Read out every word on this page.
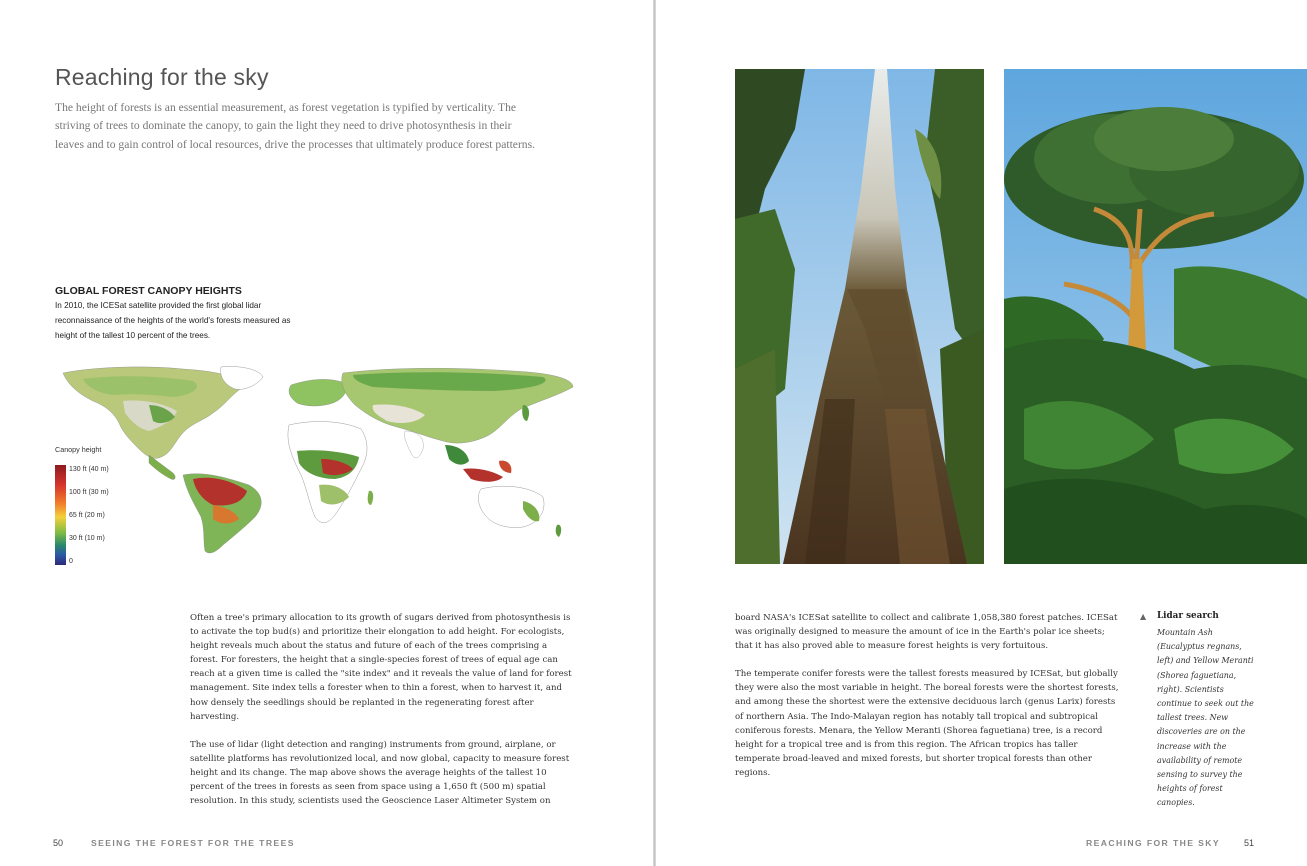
Reaching for the sky

The height of forests is an essential measurement, as forest vegetation is typified by verticality. The striving of trees to dominate the canopy, to gain the light they need to drive photosynthesis in their leaves and to gain control of local resources, drive the processes that ultimately produce forest patterns.

GLOBAL FOREST CANOPY HEIGHTS

In 2010, the ICESat satellite provided the first global lidar reconnaissance of the heights of the world's forests measured as height of the tallest 10 percent of the trees.

Canopy height
130 ft (40 m)
100 ft (30 m)
65 ft (20 m)
30 ft (10 m)
0

Often a tree's primary allocation to its growth of sugars derived from photosynthesis is to activate the top bud(s) and prioritize their elongation to add height. For ecologists, height reveals much about the status and future of each of the trees comprising a forest. For foresters, the height that a single-species forest of trees of equal age can reach at a given time is called the "site index" and it reveals the value of land for forest management. Site index tells a forester when to thin a forest, when to harvest it, and how densely the seedlings should be replanted in the regenerating forest after harvesting.

The use of lidar (light detection and ranging) instruments from ground, airplane, or satellite platforms has revolutionized local, and now global, capacity to measure forest height and its change. The map above shows the average heights of the tallest 10 percent of the trees in forests as seen from space using a 1,650 ft (500 m) spatial resolution. In this study, scientists used the Geoscience Laser Altimeter System on

50	SEEING THE FOREST FOR THE TREES

board NASA's ICESat satellite to collect and calibrate 1,058,380 forest patches. ICESat was originally designed to measure the amount of ice in the Earth's polar ice sheets; that it has also proved able to measure forest heights is very fortuitous.

The temperate conifer forests were the tallest forests measured by ICESat, but globally they were also the most variable in height. The boreal forests were the shortest forests, and among these the shortest were the extensive deciduous larch (genus Larix) forests of northern Asia. The Indo-Malayan region has notably tall tropical and subtropical coniferous forests. Menara, the Yellow Meranti (Shorea faguetiana) tree, is a record height for a tropical tree and is from this region. The African tropics has taller temperate broad-leaved and mixed forests, but shorter tropical forests than other regions.

▲ Lidar search

Mountain Ash (Eucalyptus regnans, left) and Yellow Meranti (Shorea faguetiana, right). Scientists continue to seek out the tallest trees. New discoveries are on the increase with the availability of remote sensing to survey the heights of forest canopies.

REACHING FOR THE SKY	51
